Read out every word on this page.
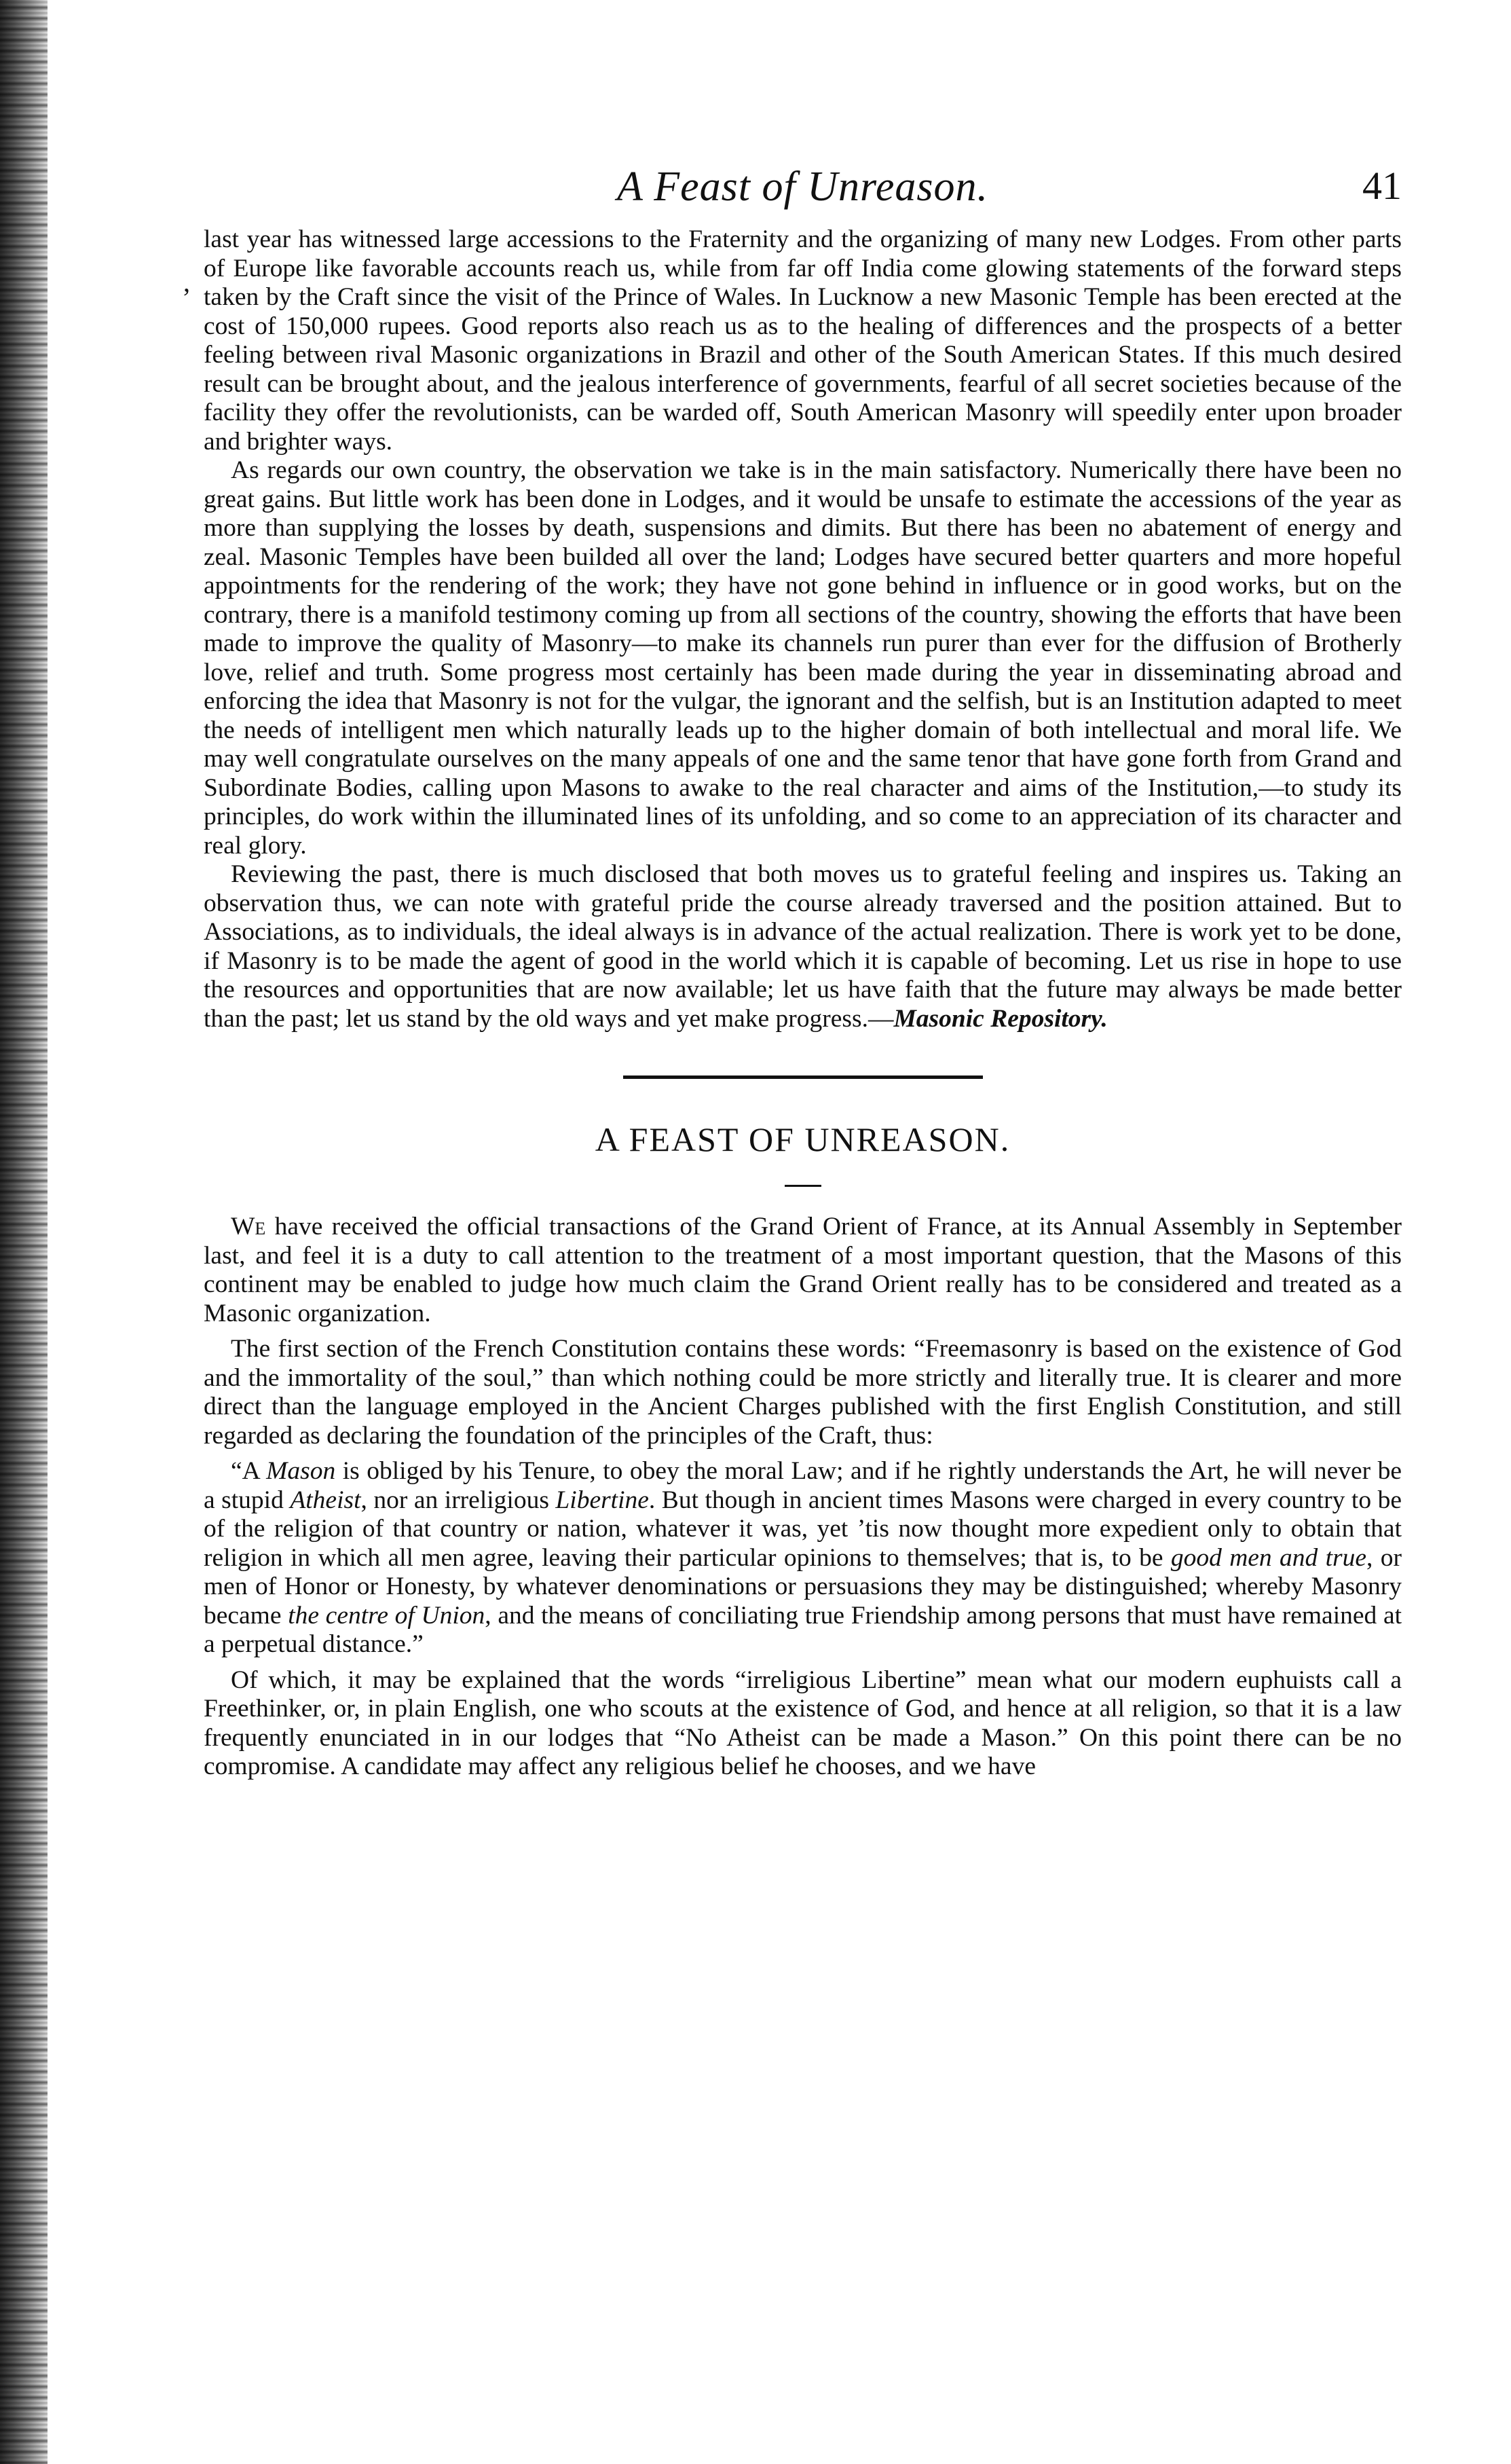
,
A Feast of Unreason.	41

last year has witnessed large accessions to the Fraternity and the organizing of many new Lodges. From other parts of Europe like favorable accounts reach us, while from far off India come glowing statements of the forward steps taken by the Craft since the visit of the Prince of Wales. In Lucknow a new Masonic Temple has been erected at the cost of 150,000 rupees. Good reports also reach us as to the healing of differences and the prospects of a better feeling between rival Masonic organizations in Brazil and other of the South American States. If this much desired result can be brought about, and the jealous interference of governments, fearful of all secret societies because of the facility they offer the revolutionists, can be warded off, South American Masonry will speedily enter upon broader and brighter ways.

As regards our own country, the observation we take is in the main satisfactory. Numerically there have been no great gains. But little work has been done in Lodges, and it would be unsafe to estimate the accessions of the year as more than supplying the losses by death, suspensions and dimits. But there has been no abatement of energy and zeal. Masonic Temples have been builded all over the land; Lodges have secured better quarters and more hopeful appointments for the rendering of the work; they have not gone behind in influence or in good works, but on the contrary, there is a manifold testimony coming up from all sections of the country, showing the efforts that have been made to improve the quality of Masonry—to make its channels run purer than ever for the diffusion of Brotherly love, relief and truth. Some progress most certainly has been made during the year in disseminating abroad and enforcing the idea that Masonry is not for the vulgar, the ignorant and the selfish, but is an Institution adapted to meet the needs of intelligent men which naturally leads up to the higher domain of both intellectual and moral life. We may well congratulate ourselves on the many appeals of one and the same tenor that have gone forth from Grand and Subordinate Bodies, calling upon Masons to awake to the real character and aims of the Institution,—to study its principles, do work within the illuminated lines of its unfolding, and so come to an appreciation of its character and real glory.

Reviewing the past, there is much disclosed that both moves us to grateful feeling and inspires us. Taking an observation thus, we can note with grateful pride the course already traversed and the position attained. But to Associations, as to individuals, the ideal always is in advance of the actual realization. There is work yet to be done, if Masonry is to be made the agent of good in the world which it is capable of becoming. Let us rise in hope to use the resources and opportunities that are now available; let us have faith that the future may always be made better than the past; let us stand by the old ways and yet make progress.—Masonic Repository.

A FEAST OF UNREASON.

We have received the official transactions of the Grand Orient of France, at its Annual Assembly in September last, and feel it is a duty to call attention to the treatment of a most important question, that the Masons of this continent may be enabled to judge how much claim the Grand Orient really has to be considered and treated as a Masonic organization.

The first section of the French Constitution contains these words: “Freemasonry is based on the existence of God and the immortality of the soul,” than which nothing could be more strictly and literally true. It is clearer and more direct than the language employed in the Ancient Charges published with the first English Constitution, and still regarded as declaring the foundation of the principles of the Craft, thus:

“A Mason is obliged by his Tenure, to obey the moral Law; and if he rightly understands the Art, he will never be a stupid Atheist, nor an irreligious Libertine. But though in ancient times Masons were charged in every country to be of the religion of that country or nation, whatever it was, yet ’tis now thought more expedient only to obtain that religion in which all men agree, leaving their particular opinions to themselves; that is, to be good men and true, or men of Honor or Honesty, by whatever denominations or persuasions they may be distinguished; whereby Masonry became the centre of Union, and the means of conciliating true Friendship among persons that must have remained at a perpetual distance.”

Of which, it may be explained that the words “irreligious Libertine” mean what our modern euphuists call a Freethinker, or, in plain English, one who scouts at the existence of God, and hence at all religion, so that it is a law frequently enunciated in in our lodges that “No Atheist can be made a Mason.” On this point there can be no compromise. A candidate may affect any religious belief he chooses, and we have
